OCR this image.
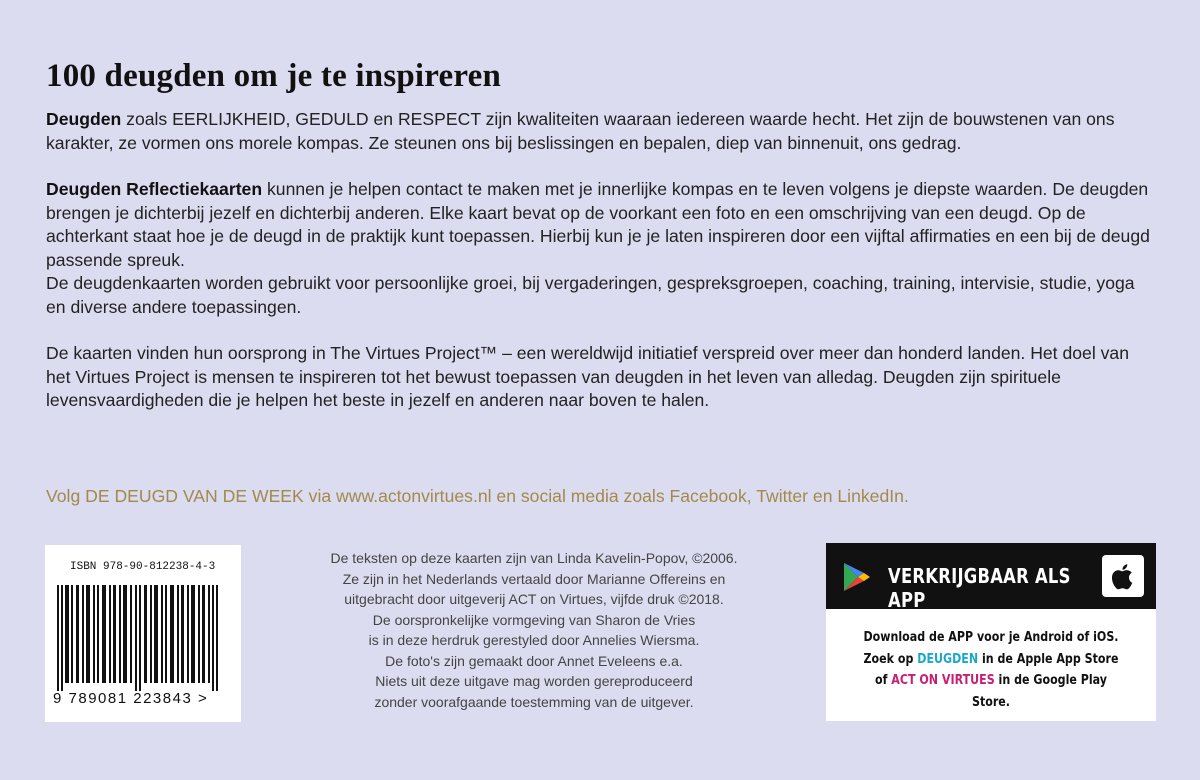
100 deugden om je te inspireren

Deugden zoals EERLIJKHEID, GEDULD en RESPECT zijn kwaliteiten waaraan iedereen waarde hecht. Het zijn de bouwstenen van ons karakter, ze vormen ons morele kompas. Ze steunen ons bij beslissingen en bepalen, diep van binnenuit, ons gedrag.

Deugden Reflectiekaarten kunnen je helpen contact te maken met je innerlijke kompas en te leven volgens je diepste waarden. De deugden brengen je dichterbij jezelf en dichterbij anderen. Elke kaart bevat op de voorkant een foto en een omschrijving van een deugd. Op de achterkant staat hoe je de deugd in de praktijk kunt toepassen. Hierbij kun je je laten inspireren door een vijftal affirmaties en een bij de deugd passende spreuk.

De deugdenkaarten worden gebruikt voor persoonlijke groei, bij vergaderingen, gespreksgroepen, coaching, training, intervisie, studie, yoga en diverse andere toepassingen.

De kaarten vinden hun oorsprong in The Virtues Project™ – een wereldwijd initiatief verspreid over meer dan honderd landen. Het doel van het Virtues Project is mensen te inspireren tot het bewust toepassen van deugden in het leven van alledag. Deugden zijn spirituele levensvaardigheden die je helpen het beste in jezelf en anderen naar boven te halen.

Volg DE DEUGD VAN DE WEEK via www.actonvirtues.nl en social media zoals Facebook, Twitter en LinkedIn.
ISBN 978-90-812238-4-3
9 789081 223843 >
De teksten op deze kaarten zijn van Linda Kavelin-Popov, ©2006.
Ze zijn in het Nederlands vertaald door Marianne Offereins en
uitgebracht door uitgeverij ACT on Virtues, vijfde druk ©2018.
De oorspronkelijke vormgeving van Sharon de Vries
is in deze herdruk gerestyled door Annelies Wiersma.
De foto's zijn gemaakt door Annet Eveleens e.a.
Niets uit deze uitgave mag worden gereproduceerd
zonder voorafgaande toestemming van de uitgever.
VERKRIJGBAAR ALS APP
Download de APP voor je Android of iOS.
Zoek op DEUGDEN in de Apple App Store
of ACT ON VIRTUES in de Google Play Store.
